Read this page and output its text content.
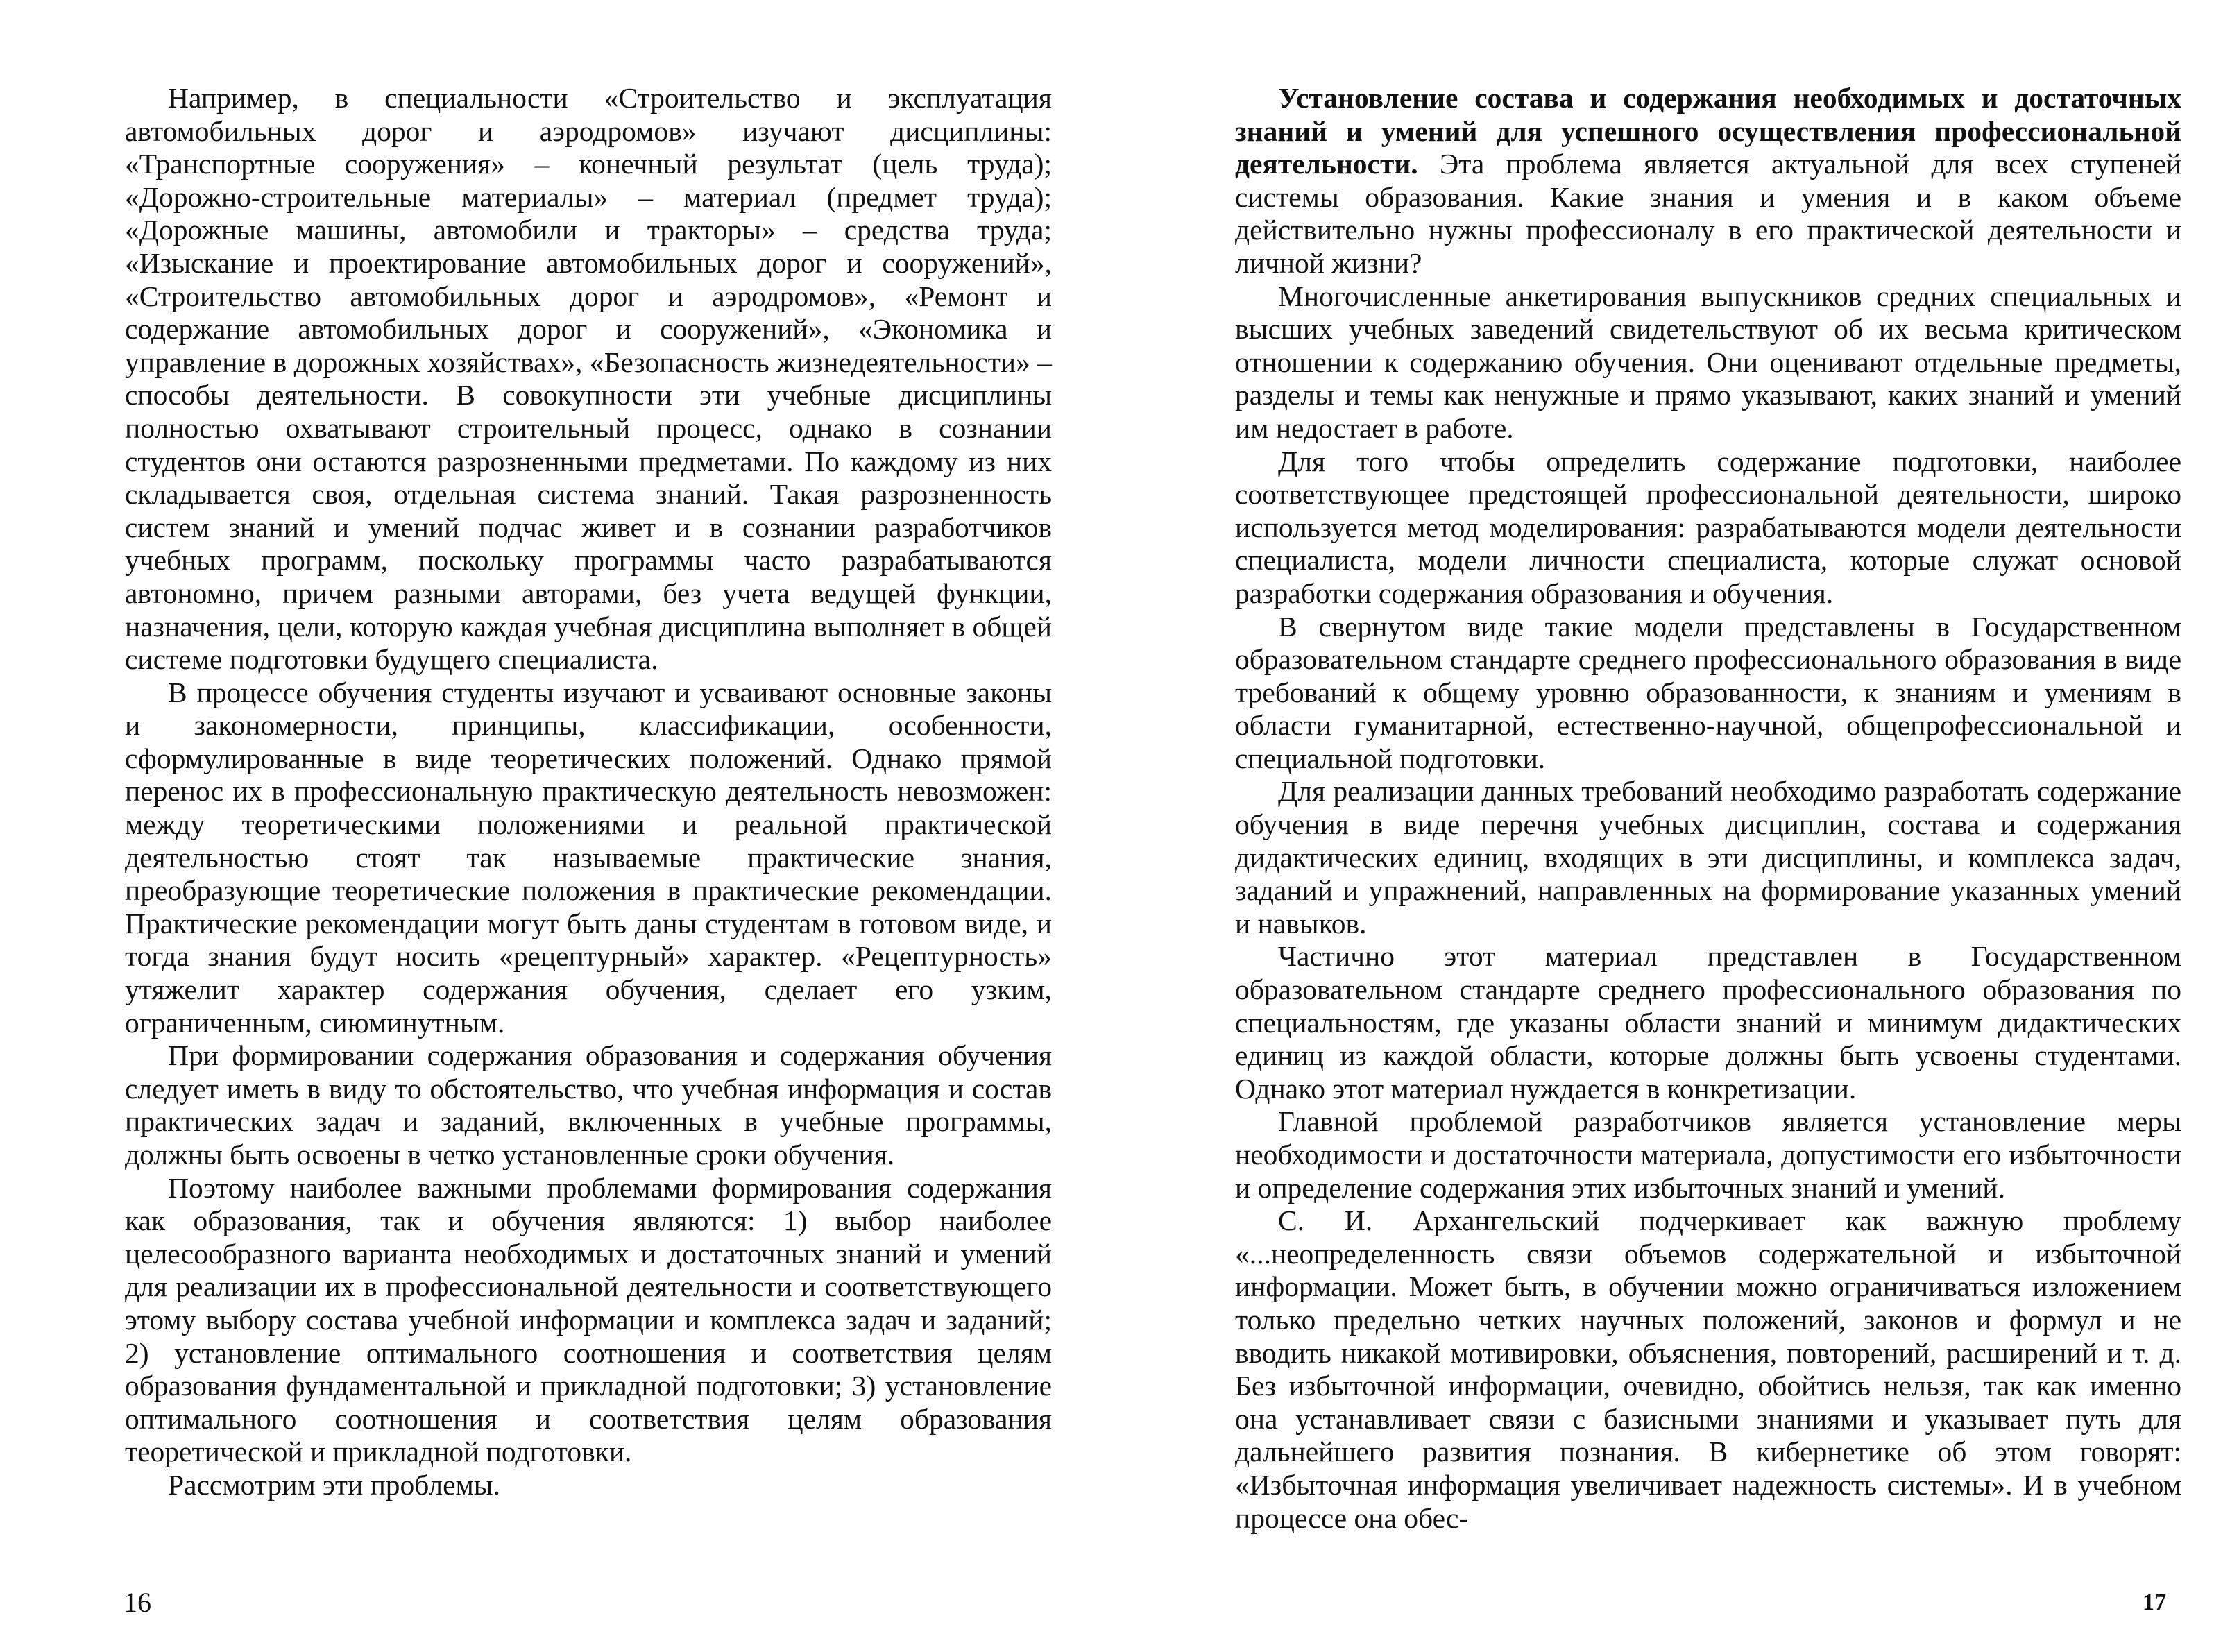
Например, в специальности «Строительство и эксплуатация автомобильных дорог и аэродромов» изучают дисциплины: «Транспортные сооружения» – конечный результат (цель труда); «Дорожно-строительные материалы» – материал (предмет труда); «Дорожные машины, автомобили и тракторы» – средства труда; «Изыскание и проектирование автомобильных дорог и сооружений», «Строительство автомобильных дорог и аэродромов», «Ремонт и содержание автомобильных дорог и сооружений», «Экономика и управление в дорожных хозяйствах», «Безопасность жизнедеятельности» – способы деятельности. В совокупности эти учебные дисциплины полностью охватывают строительный процесс, однако в сознании студентов они остаются разрозненными предметами. По каждому из них складывается своя, отдельная система знаний. Такая разрозненность систем знаний и умений подчас живет и в сознании разработчиков учебных программ, поскольку программы часто разрабатываются автономно, причем разными авторами, без учета ведущей функции, назначения, цели, которую каждая учебная дисциплина выполняет в общей системе подготовки будущего специалиста.

В процессе обучения студенты изучают и усваивают основные законы и закономерности, принципы, классификации, особенности, сформулированные в виде теоретических положений. Однако прямой перенос их в профессиональную практическую деятельность невозможен: между теоретическими положениями и реальной практической деятельностью стоят так называемые практические знания, преобразующие теоретические положения в практические рекомендации. Практические рекомендации могут быть даны студентам в готовом виде, и тогда знания будут носить «рецептурный» характер. «Рецептурность» утяжелит характер содержания обучения, сделает его узким, ограниченным, сиюминутным.

При формировании содержания образования и содержания обучения следует иметь в виду то обстоятельство, что учебная информация и состав практических задач и заданий, включенных в учебные программы, должны быть освоены в четко установленные сроки обучения.

Поэтому наиболее важными проблемами формирования содержания как образования, так и обучения являются: 1) выбор наиболее целесообразного варианта необходимых и достаточных знаний и умений для реализации их в профессиональной деятельности и соответствующего этому выбору состава учебной информации и комплекса задач и заданий; 2) установление оптимального соотношения и соответствия целям образования фундаментальной и прикладной подготовки; 3) установление оптимального соотношения и соответствия целям образования теоретической и прикладной подготовки.

Рассмотрим эти проблемы.

16

Установление состава и содержания необходимых и достаточных знаний и умений для успешного осуществления профессиональной деятельности. Эта проблема является актуальной для всех ступеней системы образования. Какие знания и умения и в каком объеме действительно нужны профессионалу в его практической деятельности и личной жизни?

Многочисленные анкетирования выпускников средних специальных и высших учебных заведений свидетельствуют об их весьма критическом отношении к содержанию обучения. Они оценивают отдельные предметы, разделы и темы как ненужные и прямо указывают, каких знаний и умений им недостает в работе.

Для того чтобы определить содержание подготовки, наиболее соответствующее предстоящей профессиональной деятельности, широко используется метод моделирования: разрабатываются модели деятельности специалиста, модели личности специалиста, которые служат основой разработки содержания образования и обучения.

В свернутом виде такие модели представлены в Государственном образовательном стандарте среднего профессионального образования в виде требований к общему уровню образованности, к знаниям и умениям в области гуманитарной, естественно-научной, общепрофессиональной и специальной подготовки.

Для реализации данных требований необходимо разработать содержание обучения в виде перечня учебных дисциплин, состава и содержания дидактических единиц, входящих в эти дисциплины, и комплекса задач, заданий и упражнений, направленных на формирование указанных умений и навыков.

Частично этот материал представлен в Государственном образовательном стандарте среднего профессионального образования по специальностям, где указаны области знаний и минимум дидактических единиц из каждой области, которые должны быть усвоены студентами. Однако этот материал нуждается в конкретизации.

Главной проблемой разработчиков является установление меры необходимости и достаточности материала, допустимости его избыточности и определение содержания этих избыточных знаний и умений.

С. И. Архангельский подчеркивает как важную проблему «...неопределенность связи объемов содержательной и избыточной информации. Может быть, в обучении можно ограничиваться изложением только предельно четких научных положений, законов и формул и не вводить никакой мотивировки, объяснения, повторений, расширений и т. д. Без избыточной информации, очевидно, обойтись нельзя, так как именно она устанавливает связи с базисными знаниями и указывает путь для дальнейшего развития познания. В кибернетике об этом говорят: «Избыточная информация увеличивает надежность системы». И в учебном процессе она обес-

17
